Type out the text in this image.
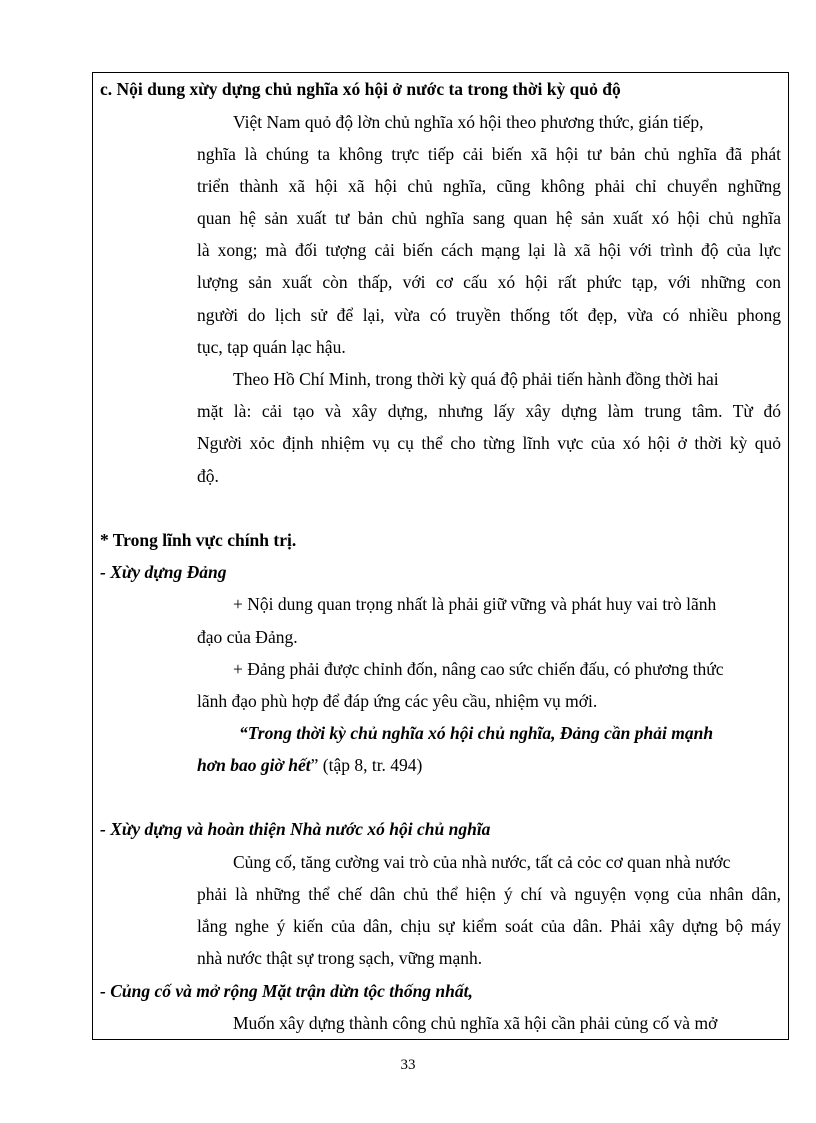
c. Nội dung xừy dựng chủ nghĩa xó hội ở nước ta trong thời kỳ quỏ độ
Việt Nam quỏ độ lờn chủ nghĩa xó hội theo phương thức, gián tiếp,
nghĩa là chúng ta không trực tiếp cải biến xã hội tư bản chủ nghĩa đã phát
triển thành xã hội xã hội chủ nghĩa, cũng không phải chỉ chuyển nghững
quan hệ sản xuất tư bản chủ nghĩa sang quan hệ sản xuất xó hội chủ nghĩa
là xong; mà đối tượng cải biến cách mạng lại là xã hội với trình độ của lực
lượng sản xuất còn thấp, với cơ cấu xó hội rất phức tạp, với những con
người do lịch sử để lại, vừa có truyền thống tốt đẹp, vừa có nhiều phong
tục, tạp quán lạc hậu.
Theo Hồ Chí Minh, trong thời kỳ quá độ phải tiến hành đồng thời hai
mặt là: cải tạo và xây dựng, nhưng lấy xây dựng làm trung tâm. Từ đó
Người xỏc định nhiệm vụ cụ thể cho từng lĩnh vực của xó hội ở thời kỳ quỏ
độ.
* Trong lĩnh vực chính trị.
- Xừy dựng Đảng
+ Nội dung quan trọng nhất là phải giữ vững và phát huy vai trò lãnh
đạo của Đảng.
+ Đảng phải được chỉnh đốn, nâng cao sức chiến đấu, có phương thức
lãnh đạo phù hợp để đáp ứng các yêu cầu, nhiệm vụ mới.
“Trong thời kỳ chủ nghĩa xó hội chủ nghĩa, Đảng cần phải mạnh
hơn bao giờ hết” (tập 8, tr. 494)
- Xừy dựng và hoàn thiện Nhà nước xó hội chủ nghĩa
Củng cố, tăng cường vai trò của nhà nước, tất cả cỏc cơ quan nhà nước
phải là những thể chế dân chủ thể hiện ý chí và nguyện vọng của nhân dân,
lắng nghe ý kiến của dân, chịu sự kiểm soát của dân. Phải xây dựng bộ máy
nhà nước thật sự trong sạch, vững mạnh.
- Củng cố và mở rộng Mặt trận dừn tộc thống nhất,
Muốn xây dựng thành công chủ nghĩa xã hội cần phải củng cố và mở
33
